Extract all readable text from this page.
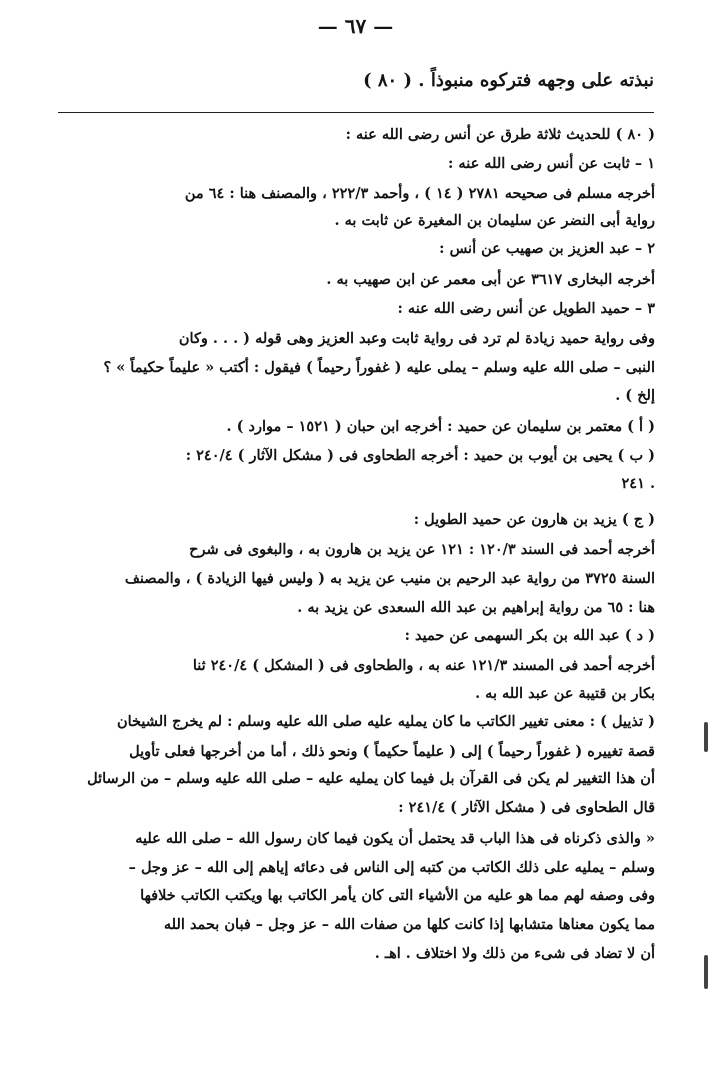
— ٦٧ —
نبذته على وجهه فتركوه منبوذاً . ( ٨٠ )
( ٨٠ ) للحديث ثلاثة طرق عن أنس رضى الله عنه :
١ – ثابت عن أنس رضى الله عنه :
أخرجه مسلم فى صحيحه ٢٧٨١ ( ١٤ ) ، وأحمد ٢٢٢/٣ ، والمصنف هنا : ٦٤ من
رواية أبى النضر عن سليمان بن المغيرة عن ثابت به .
٢ – عبد العزيز بن صهيب عن أنس :
أخرجه البخارى ٣٦١٧ عن أبى معمر عن ابن صهيب به .
٣ – حميد الطويل عن أنس رضى الله عنه :
وفى رواية حميد زيادة لم ترد فى رواية ثابت وعبد العزيز وهى قوله ( . . . وكان
النبى – صلى الله عليه وسلم – يملى عليه ( غفوراً رحيماً ) فيقول : أكتب « عليماً حكيماً » ؟
إلخ ) .
( أ ) معتمر بن سليمان عن حميد : أخرجه ابن حبان ( ١٥٢١ – موارد ) .
( ب ) يحيى بن أيوب بن حميد : أخرجه الطحاوى فى ( مشكل الآثار ) ٢٤٠/٤ :
٢٤١ .
( ج ) يزيد بن هارون عن حميد الطويل :
أخرجه أحمد فى السند ١٢٠/٣ : ١٢١ عن يزيد بن هارون به ، والبغوى فى شرح
السنة ٣٧٢٥ من رواية عبد الرحيم بن منيب عن يزيد به ( وليس فيها الزيادة ) ، والمصنف
هنا : ٦٥ من رواية إبراهيم بن عبد الله السعدى عن يزيد به .
( د ) عبد الله بن بكر السهمى عن حميد :
أخرجه أحمد فى المسند ١٢١/٣ عنه به ، والطحاوى فى ( المشكل ) ٢٤٠/٤ ثنا
بكار بن قتيبة عن عبد الله به .
( تذييل ) : معنى تغيير الكاتب ما كان يمليه عليه صلى الله عليه وسلم : لم يخرج الشيخان
قصة تغييره ( غفوراً رحيماً ) إلى ( عليماً حكيماً ) ونحو ذلك ، أما من أخرجها فعلى تأويل
أن هذا التغيير لم يكن فى القرآن بل فيما كان يمليه عليه – صلى الله عليه وسلم – من الرسائل
قال الطحاوى فى ( مشكل الآثار ) ٢٤١/٤ :
« والذى ذكرناه فى هذا الباب قد يحتمل أن يكون فيما كان رسول الله – صلى الله عليه
وسلم – يمليه على ذلك الكاتب من كتبه إلى الناس فى دعائه إياهم إلى الله – عز وجل –
وفى وصفه لهم مما هو عليه من الأشياء التى كان يأمر الكاتب بها ويكتب الكاتب خلافها
مما يكون معناها متشابها إذا كانت كلها من صفات الله – عز وجل – فبان بحمد الله
أن لا تضاد فى شىء من ذلك ولا اختلاف . اهـ .
